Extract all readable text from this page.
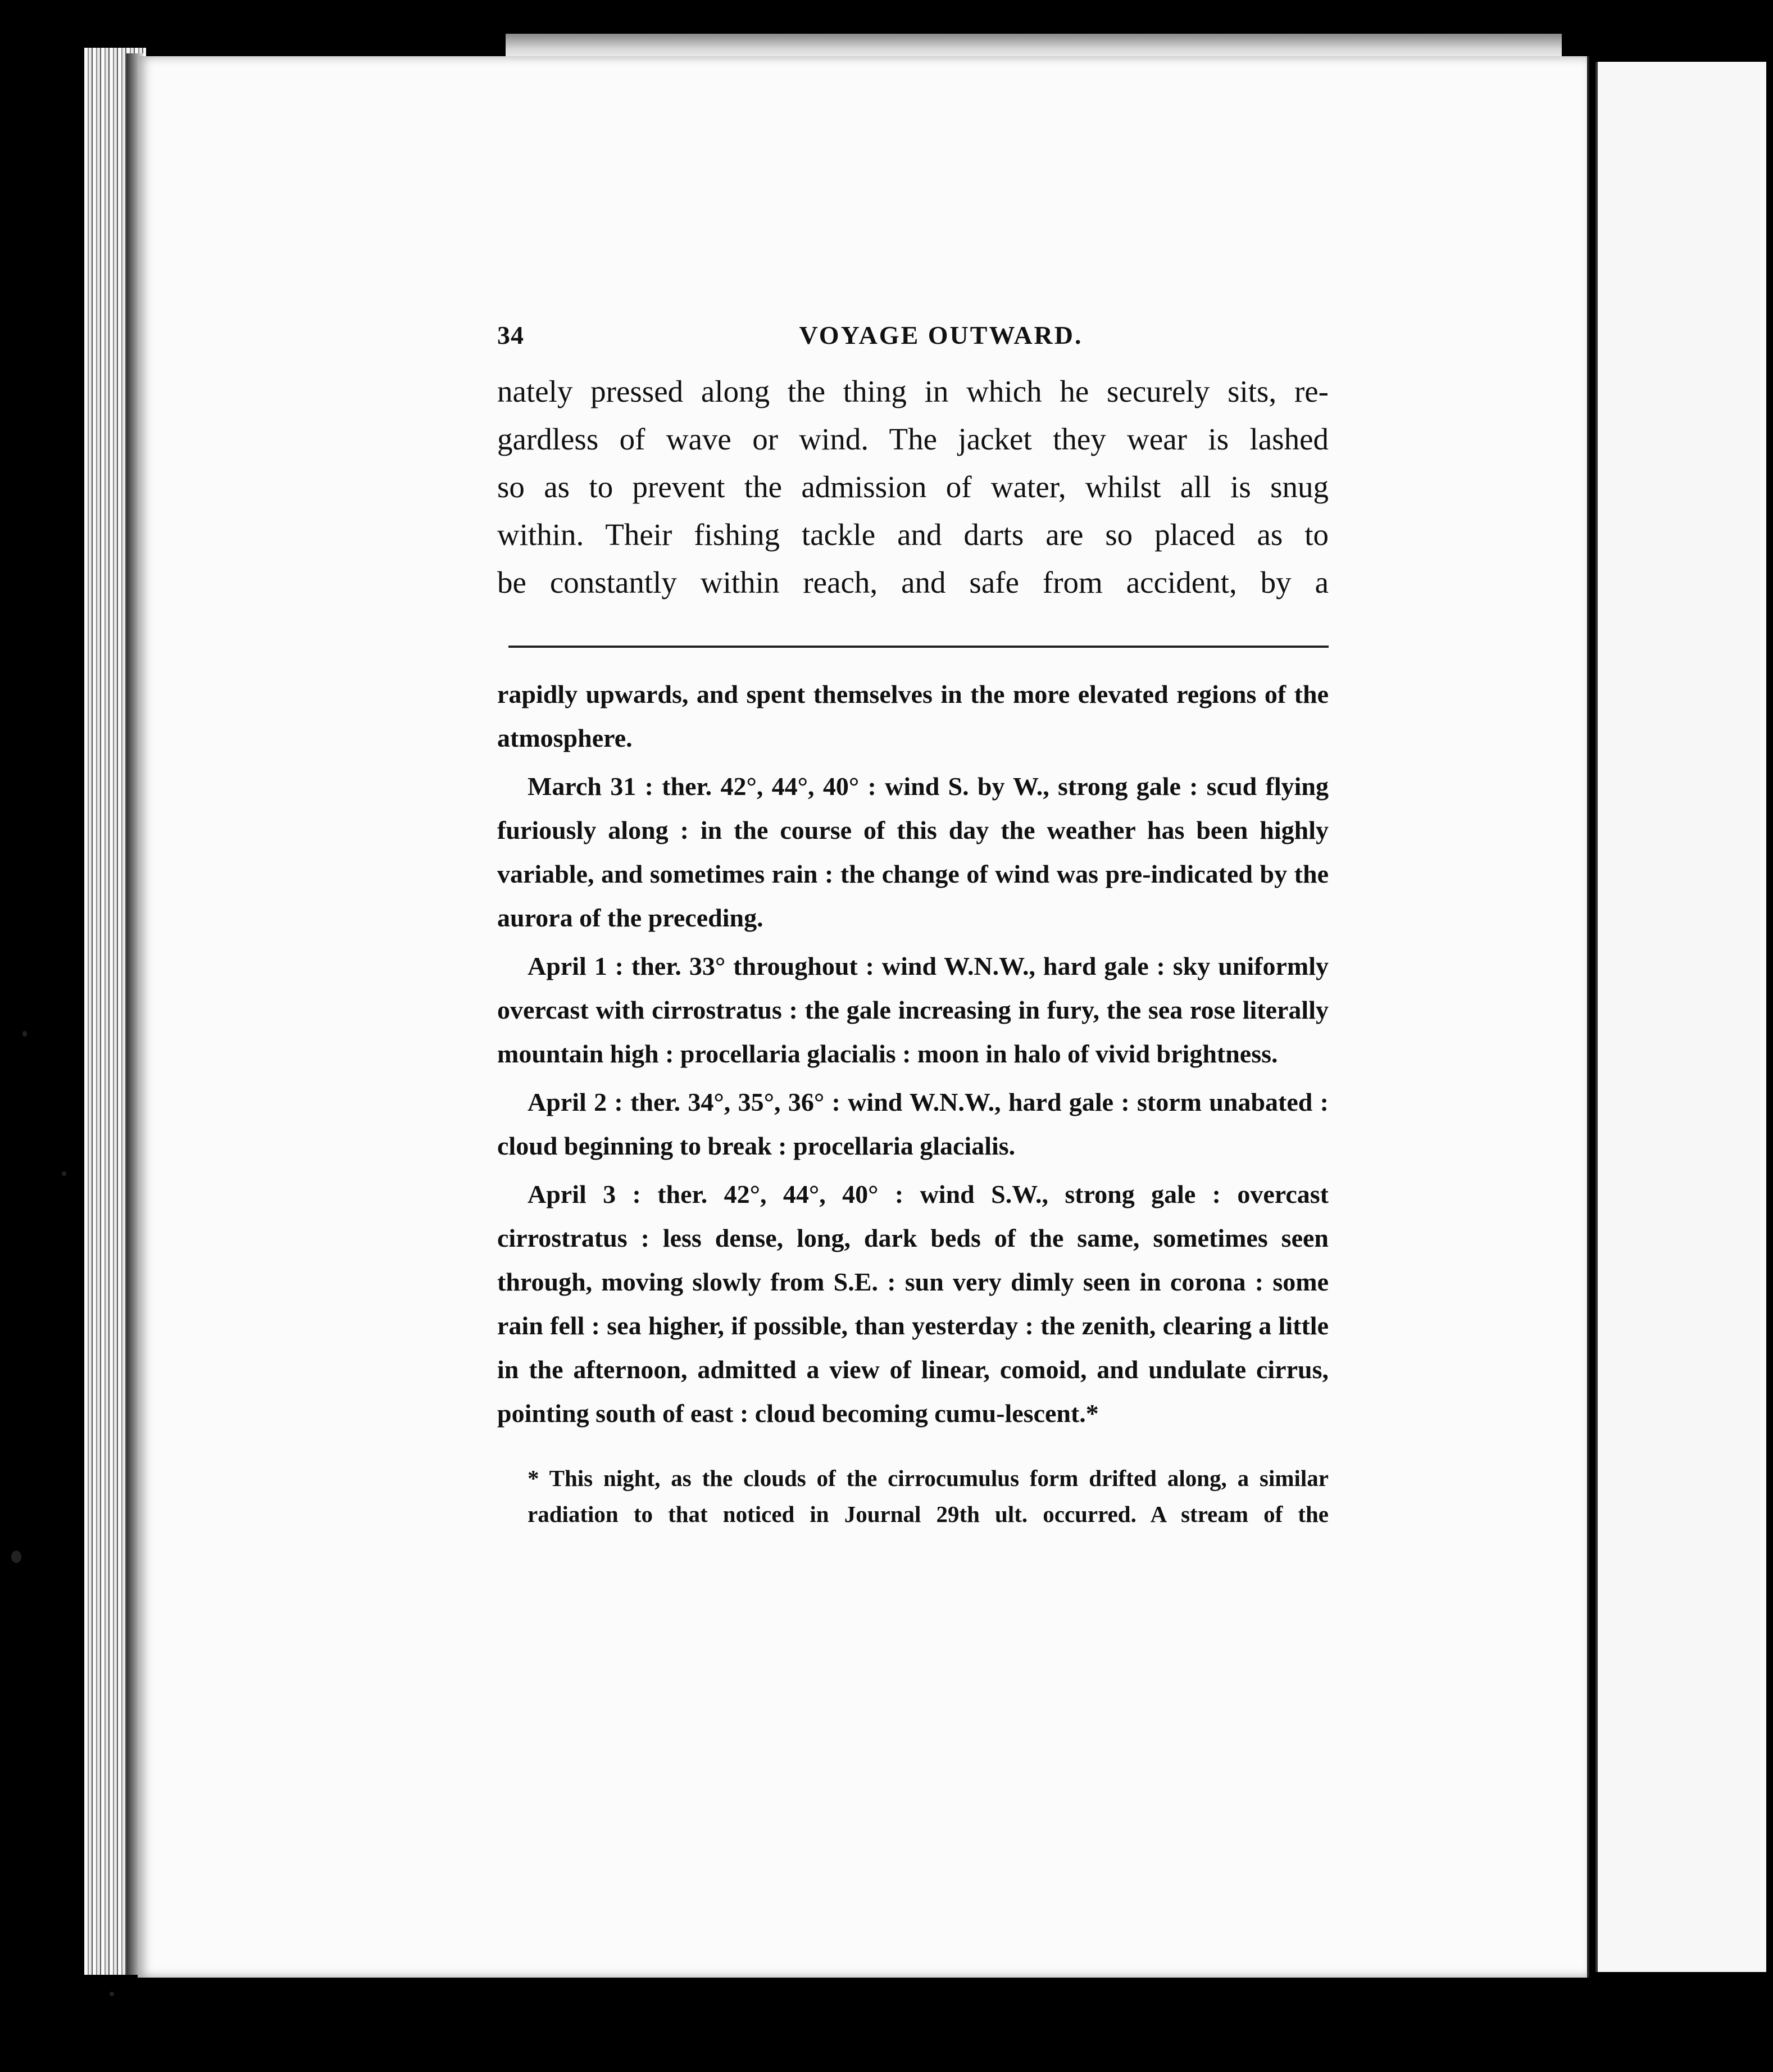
34	VOYAGE OUTWARD.

nately pressed along the thing in which he securely sits, re-

gardless of wave or wind. The jacket they wear is lashed

so as to prevent the admission of water, whilst all is snug

within. Their fishing tackle and darts are so placed as to

be constantly within reach, and safe from accident, by a

rapidly upwards, and spent themselves in the more elevated regions of the atmosphere.

March 31 : ther. 42°, 44°, 40° : wind S. by W., strong gale : scud flying furiously along : in the course of this day the weather has been highly variable, and sometimes rain : the change of wind was pre-indicated by the aurora of the preceding.

April 1 : ther. 33° throughout : wind W.N.W., hard gale : sky uniformly overcast with cirrostratus : the gale increasing in fury, the sea rose literally mountain high : procellaria glacialis : moon in halo of vivid brightness.

April 2 : ther. 34°, 35°, 36° : wind W.N.W., hard gale : storm unabated : cloud beginning to break : procellaria glacialis.

April 3 : ther. 42°, 44°, 40° : wind S.W., strong gale : overcast cirrostratus : less dense, long, dark beds of the same, sometimes seen through, moving slowly from S.E. : sun very dimly seen in corona : some rain fell : sea higher, if possible, than yesterday : the zenith, clearing a little in the afternoon, admitted a view of linear, comoid, and undulate cirrus, pointing south of east : cloud becoming cumu-lescent.*

* This night, as the clouds of the cirrocumulus form drifted along, a similar

radiation to that noticed in Journal 29th ult. occurred. A stream of the
